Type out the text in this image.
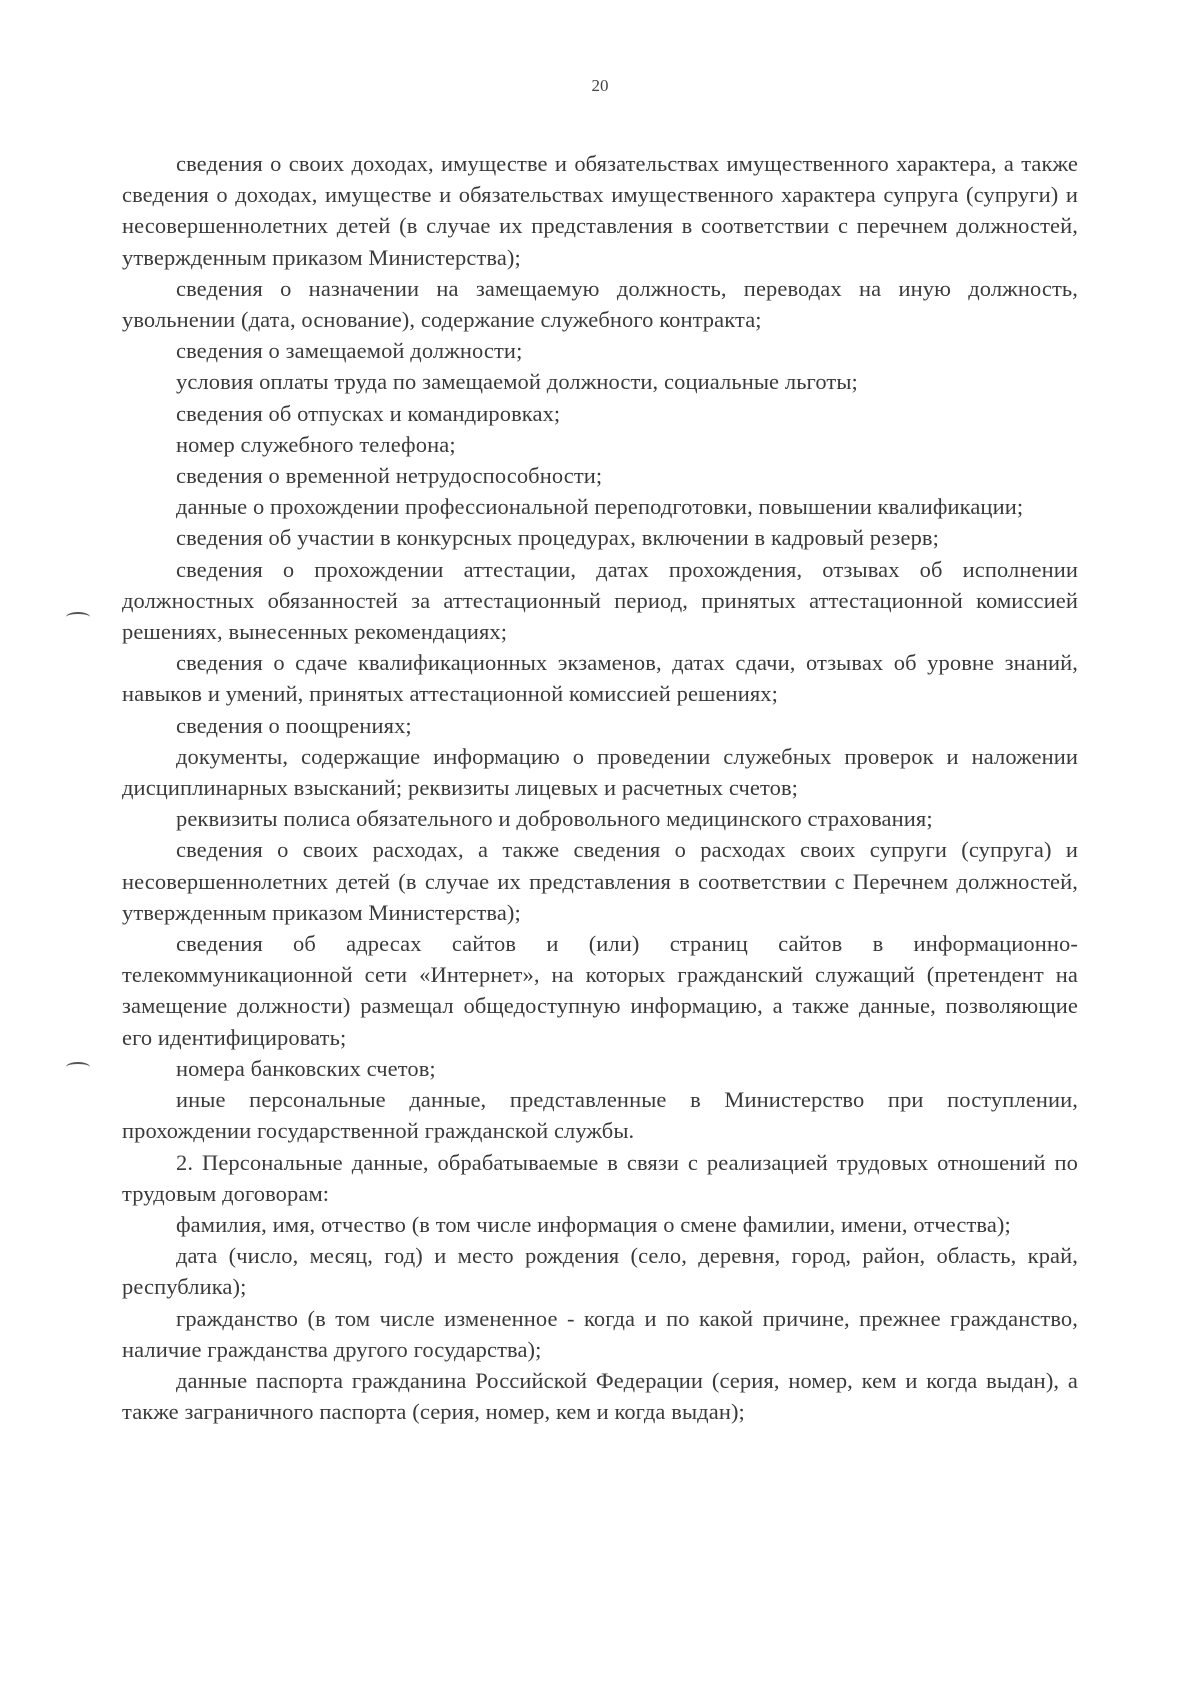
20

сведения о своих доходах, имуществе и обязательствах имущественного характера, а также сведения о доходах, имуществе и обязательствах имущественного характера супруга (супруги) и несовершеннолетних детей (в случае их представления в соответствии с перечнем должностей, утвержденным приказом Министерства);

сведения о назначении на замещаемую должность, переводах на иную должность, увольнении (дата, основание), содержание служебного контракта;

сведения о замещаемой должности;

условия оплаты труда по замещаемой должности, социальные льготы;

сведения об отпусках и командировках;

номер служебного телефона;

сведения о временной нетрудоспособности;

данные о прохождении профессиональной переподготовки, повышении квалификации;

сведения об участии в конкурсных процедурах, включении в кадровый резерв;

сведения о прохождении аттестации, датах прохождения, отзывах об исполнении должностных обязанностей за аттестационный период, принятых аттестационной комиссией решениях, вынесенных рекомендациях;

сведения о сдаче квалификационных экзаменов, датах сдачи, отзывах об уровне знаний, навыков и умений, принятых аттестационной комиссией решениях;

сведения о поощрениях;

документы, содержащие информацию о проведении служебных проверок и наложении дисциплинарных взысканий; реквизиты лицевых и расчетных счетов;

реквизиты полиса обязательного и добровольного медицинского страхования;

сведения о своих расходах, а также сведения о расходах своих супруги (супруга) и несовершеннолетних детей (в случае их представления в соответствии с Перечнем должностей, утвержденным приказом Министерства);

сведения об адресах сайтов и (или) страниц сайтов в информационно-телекоммуникационной сети «Интернет», на которых гражданский служащий (претендент на замещение должности) размещал общедоступную информацию, а также данные, позволяющие его идентифицировать;

номера банковских счетов;

иные персональные данные, представленные в Министерство при поступлении, прохождении государственной гражданской службы.

2. Персональные данные, обрабатываемые в связи с реализацией трудовых отношений по трудовым договорам:

фамилия, имя, отчество (в том числе информация о смене фамилии, имени, отчества);

дата (число, месяц, год) и место рождения (село, деревня, город, район, область, край, республика);

гражданство (в том числе измененное - когда и по какой причине, прежнее гражданство, наличие гражданства другого государства);

данные паспорта гражданина Российской Федерации (серия, номер, кем и когда выдан), а также заграничного паспорта (серия, номер, кем и когда выдан);
